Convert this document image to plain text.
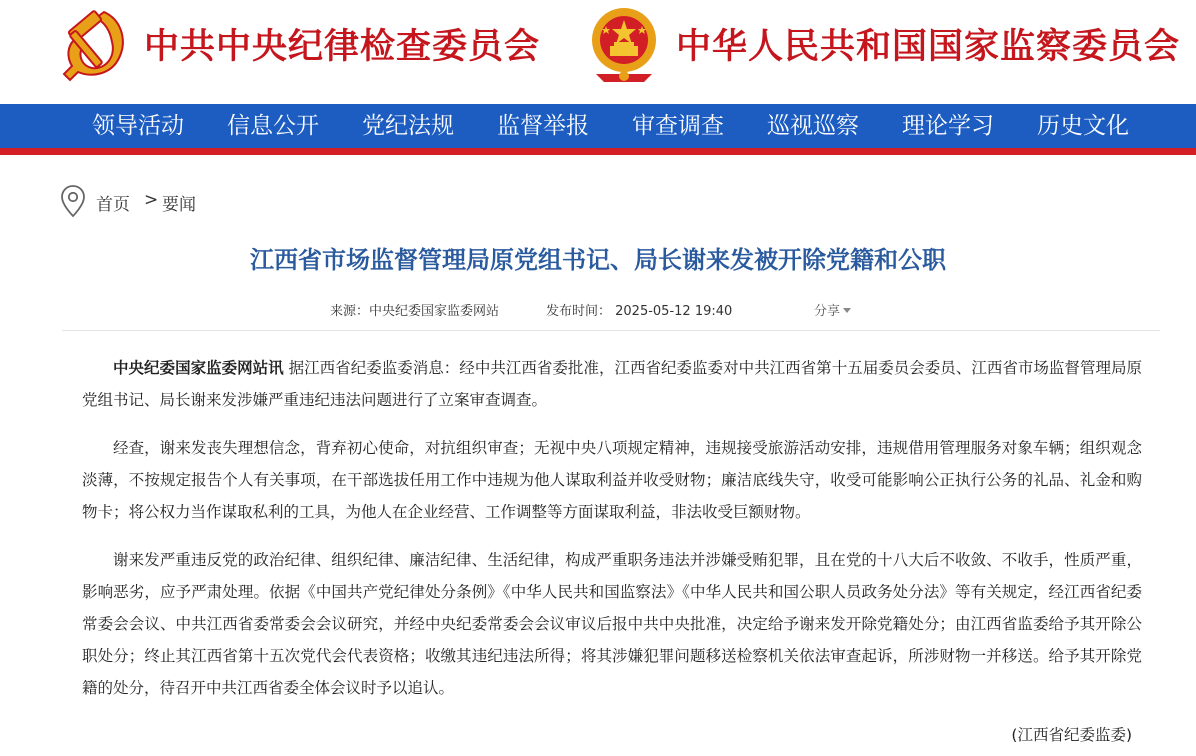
中共中央纪律检查委员会	中华人民共和国国家监察委员会
领导活动 信息公开 党纪法规 监督举报 审查调查 巡视巡察 理论学习 历史文化
首页 > 要闻
江西省市场监督管理局原党组书记、局长谢来发被开除党籍和公职
来源：中央纪委国家监委网站	发布时间： 2025-05-12 19:40	分享

中央纪委国家监委网站讯 据江西省纪委监委消息：经中共江西省委批准，江西省纪委监委对中共江西省第十五届委员会委员、江西省市场监督管理局原党组书记、局长谢来发涉嫌严重违纪违法问题进行了立案审查调查。

经查，谢来发丧失理想信念，背弃初心使命，对抗组织审查；无视中央八项规定精神，违规接受旅游活动安排，违规借用管理服务对象车辆；组织观念淡薄，不按规定报告个人有关事项，在干部选拔任用工作中违规为他人谋取利益并收受财物；廉洁底线失守，收受可能影响公正执行公务的礼品、礼金和购物卡；将公权力当作谋取私利的工具，为他人在企业经营、工作调整等方面谋取利益，非法收受巨额财物。

谢来发严重违反党的政治纪律、组织纪律、廉洁纪律、生活纪律，构成严重职务违法并涉嫌受贿犯罪，且在党的十八大后不收敛、不收手，性质严重，影响恶劣，应予严肃处理。依据《中国共产党纪律处分条例》《中华人民共和国监察法》《中华人民共和国公职人员政务处分法》等有关规定，经江西省纪委常委会会议、中共江西省委常委会会议研究，并经中央纪委常委会会议审议后报中共中央批准，决定给予谢来发开除党籍处分；由江西省监委给予其开除公职处分；终止其江西省第十五次党代会代表资格；收缴其违纪违法所得；将其涉嫌犯罪问题移送检察机关依法审查起诉，所涉财物一并移送。给予其开除党籍的处分，待召开中共江西省委全体会议时予以追认。

(江西省纪委监委)
